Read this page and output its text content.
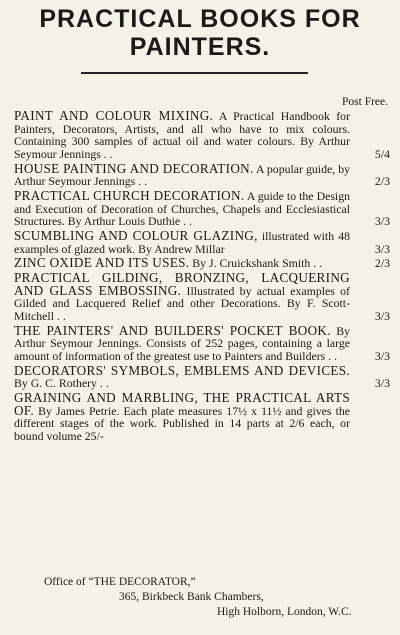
PRACTICAL BOOKS FOR
PAINTERS.
Post Free.
PAINT AND COLOUR MIXING. A Practical Handbook for Painters, Decorators, Artists, and all who have to mix colours. Containing 300 samples of actual oil and water colours. By Arthur Seymour Jennings . .	5/4
HOUSE PAINTING AND DECORATION. A popular guide, by Arthur Seymour Jennings . .	2/3
PRACTICAL CHURCH DECORATION. A guide to the Design and Execution of Decoration of Churches, Chapels and Ecclesiastical Structures. By Arthur Louis Duthie . .	3/3
SCUMBLING AND COLOUR GLAZING, illustrated with 48 examples of glazed work. By Andrew Millar	3/3
ZINC OXIDE AND ITS USES. By J. Cruickshank Smith . .	2/3
PRACTICAL GILDING, BRONZING, LACQUERING AND GLASS EMBOSSING. Illustrated by actual examples of Gilded and Lacquered Relief and other Decorations. By F. Scott-Mitchell . .	3/3
THE PAINTERS' AND BUILDERS' POCKET BOOK. By Arthur Seymour Jennings. Consists of 252 pages, containing a large amount of information of the greatest use to Painters and Builders . .	3/3
DECORATORS' SYMBOLS, EMBLEMS AND DEVICES. By G. C. Rothery . .	3/3
GRAINING AND MARBLING, THE PRACTICAL ARTS OF. By James Petrie. Each plate measures 17½ x 11½ and gives the different stages of the work. Published in 14 parts at 2/6 each, or bound volume 25/-
Office of “THE DECORATOR,”
365, Birkbeck Bank Chambers,
High Holborn, London, W.C.
